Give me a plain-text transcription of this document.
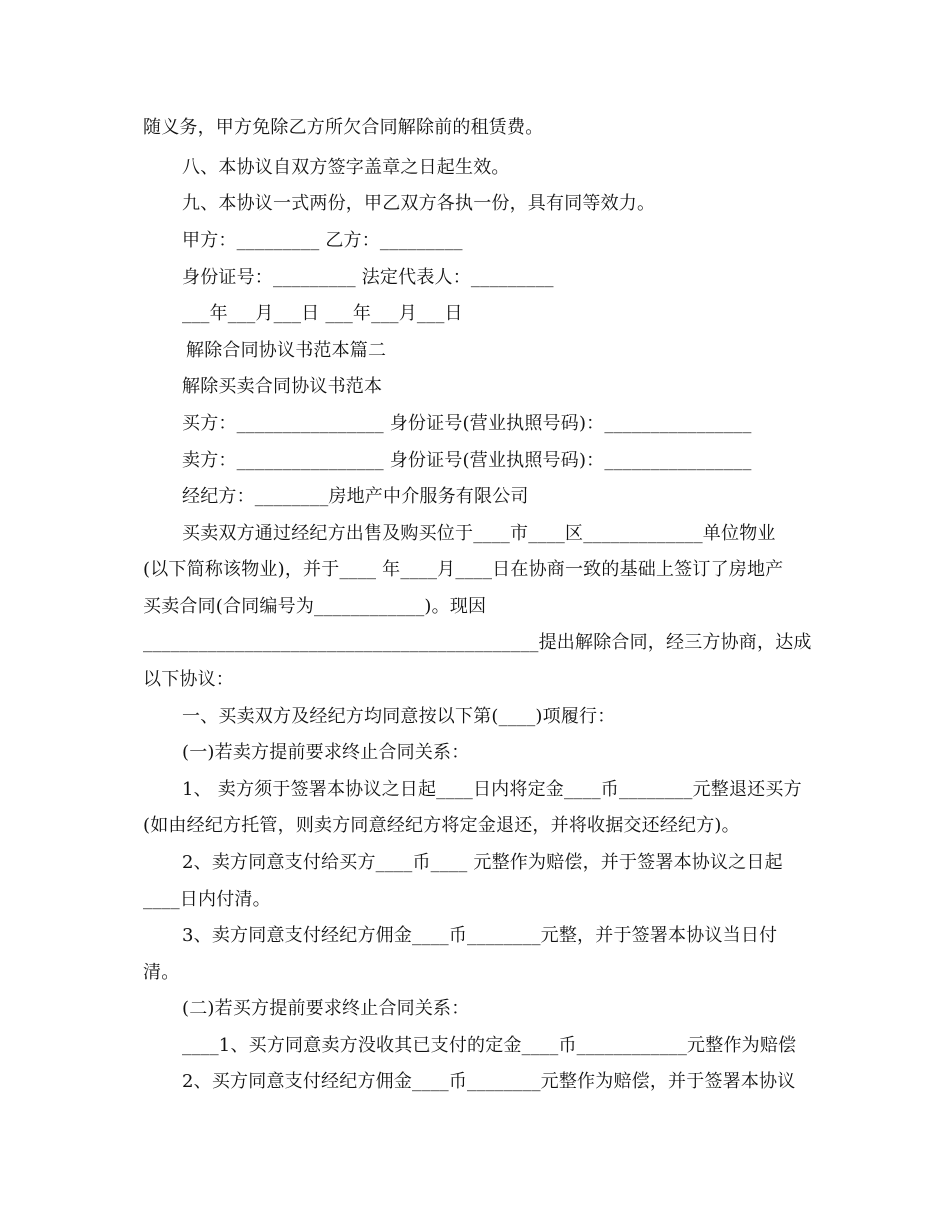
随义务，甲方免除乙方所欠合同解除前的租赁费。
八、本协议自双方签字盖章之日起生效。
九、本协议一式两份，甲乙双方各执一份，具有同等效力。
甲方：_________ 乙方：_________
身份证号：_________ 法定代表人：_________
___年___月___日 ___年___月___日
解除合同协议书范本篇二
解除买卖合同协议书范本
买方：________________ 身份证号(营业执照号码)：________________
卖方：________________ 身份证号(营业执照号码)：________________
经纪方：________房地产中介服务有限公司
买卖双方通过经纪方出售及购买位于____市____区_____________单位物业
(以下简称该物业)，并于____ 年____月____日在协商一致的基础上签订了房地产
买卖合同(合同编号为____________)。现因
___________________________________________提出解除合同，经三方协商，达成
以下协议：
一、买卖双方及经纪方均同意按以下第(____)项履行：
(一)若卖方提前要求终止合同关系：
1、 卖方须于签署本协议之日起____日内将定金____币________元整退还买方
(如由经纪方托管，则卖方同意经纪方将定金退还，并将收据交还经纪方)。
2、卖方同意支付给买方____币____ 元整作为赔偿，并于签署本协议之日起
____日内付清。
3、卖方同意支付经纪方佣金____币________元整，并于签署本协议当日付
清。
(二)若买方提前要求终止合同关系：
____1、买方同意卖方没收其已支付的定金____币____________元整作为赔偿
2、买方同意支付经纪方佣金____币________元整作为赔偿，并于签署本协议
